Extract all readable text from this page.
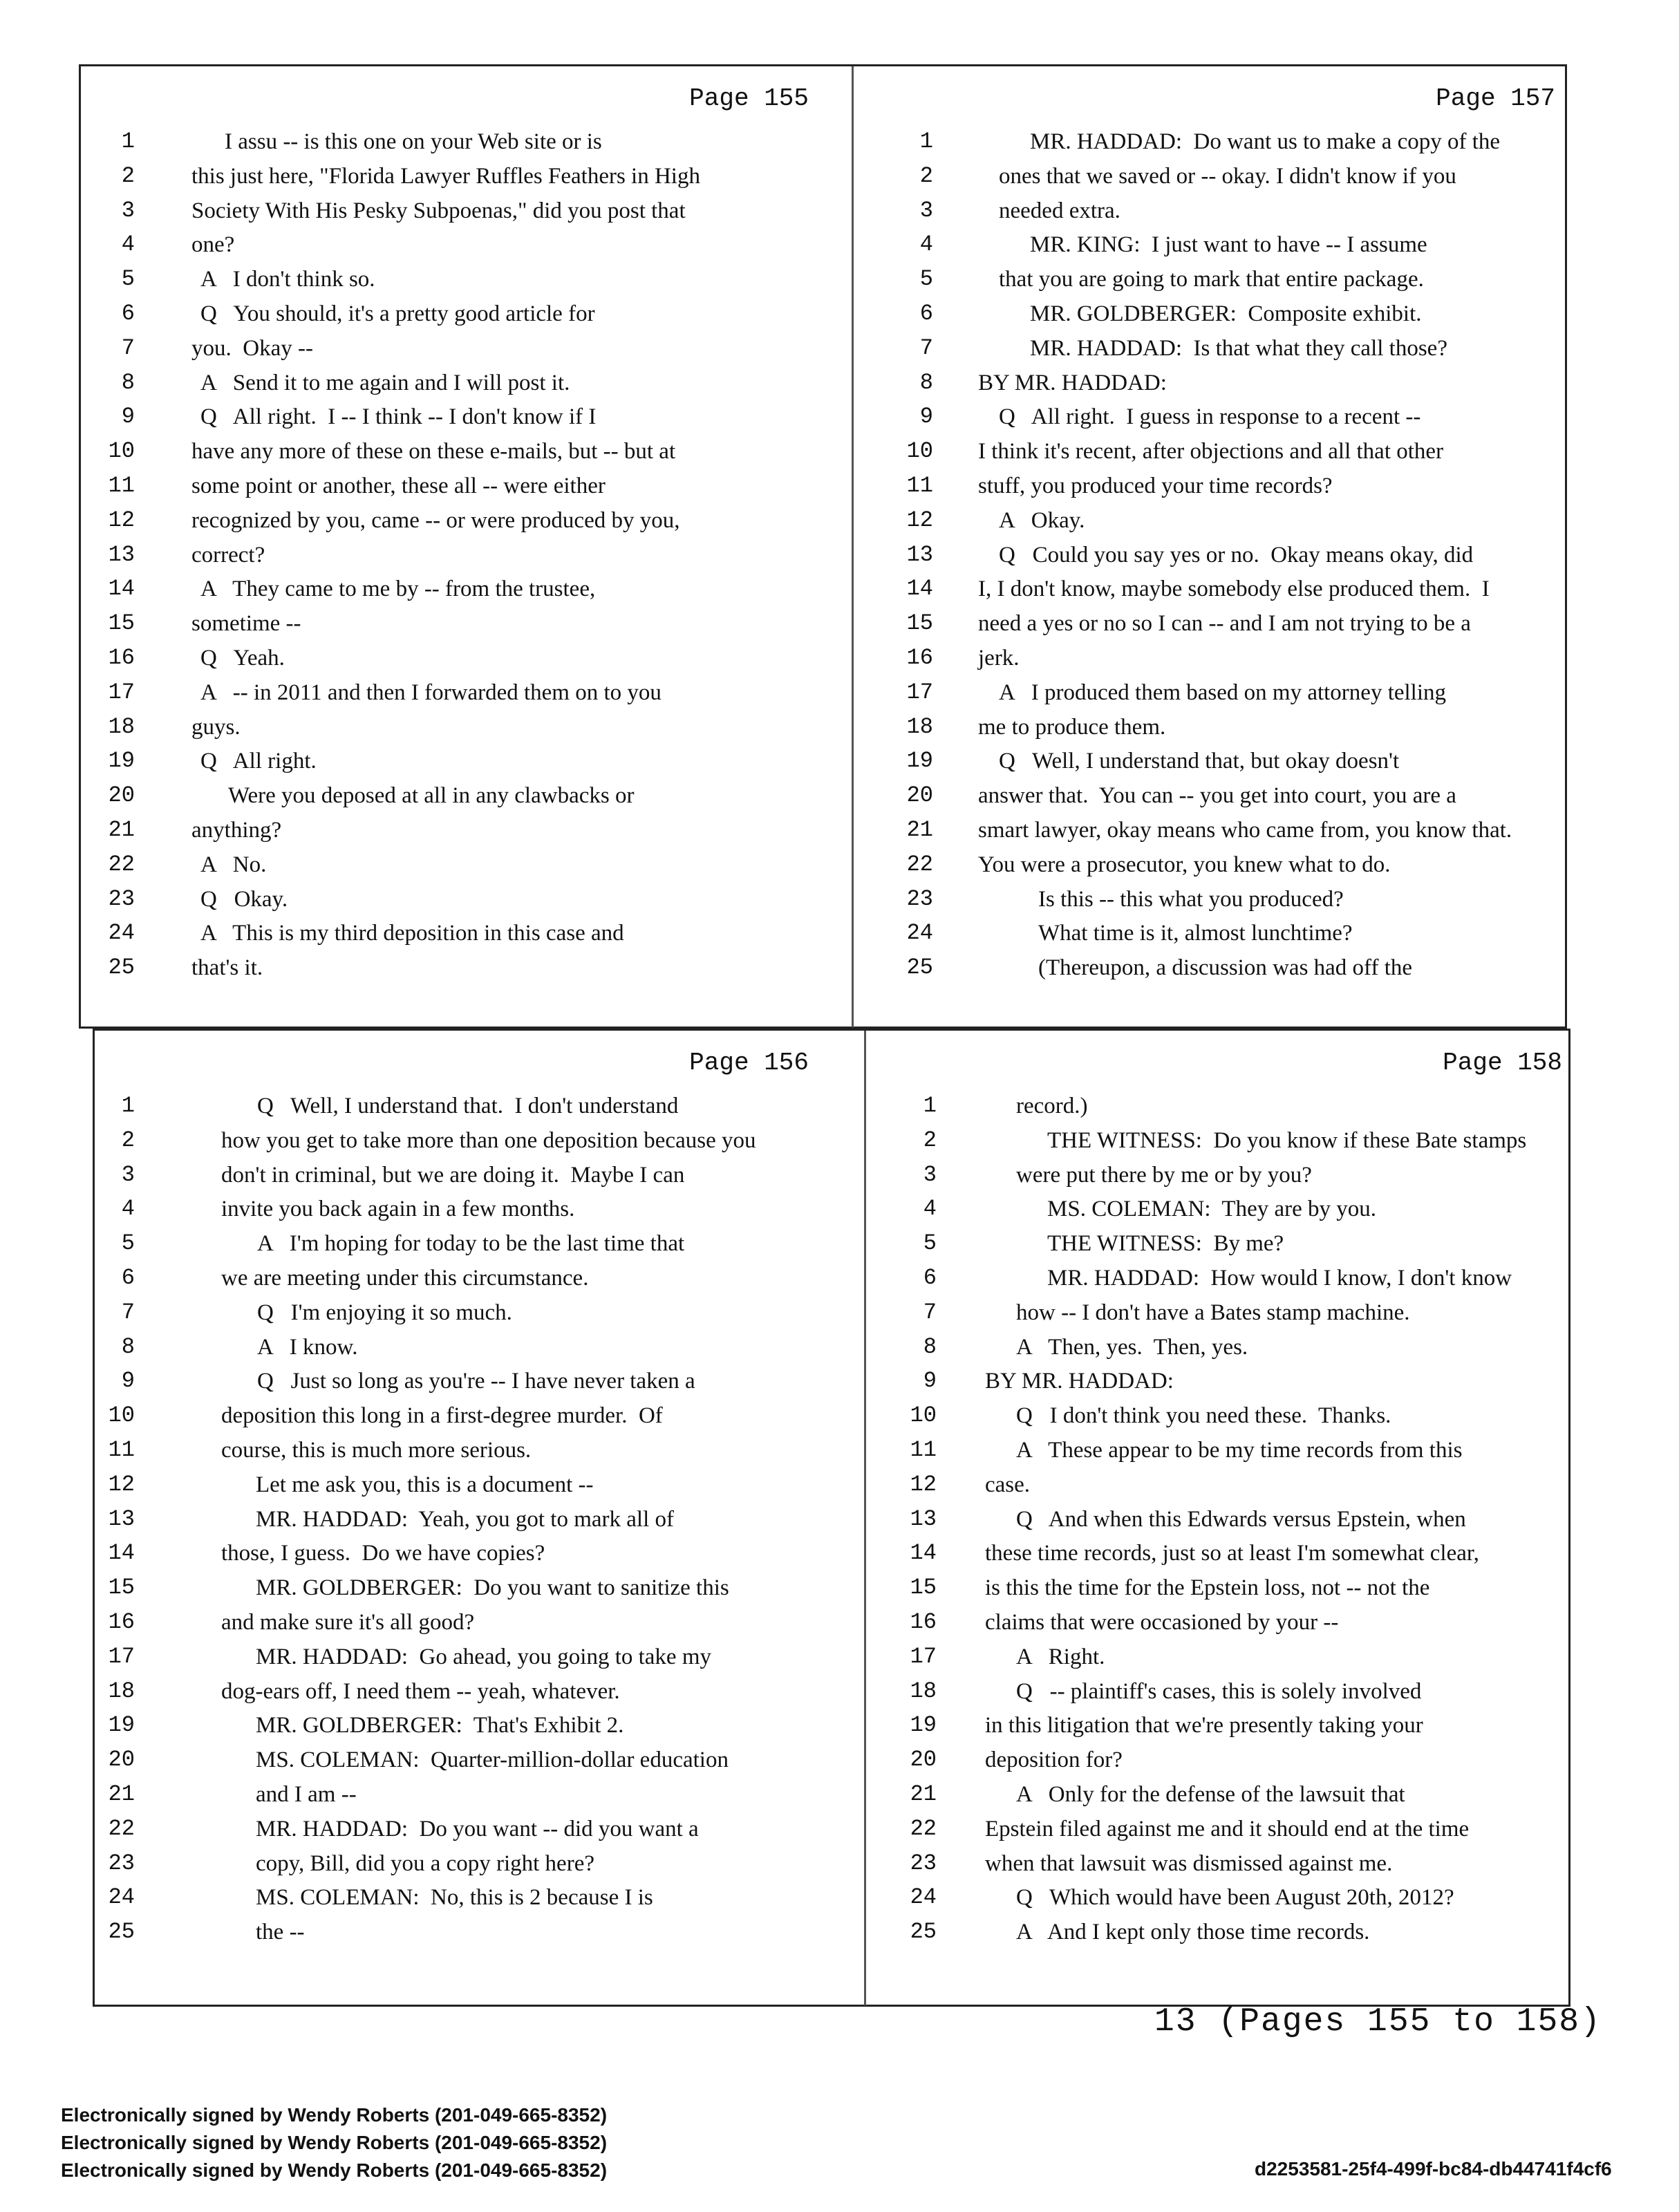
Page 155
1	I assu -- is this one on your Web site or is
2 this just here, "Florida Lawyer Ruffles Feathers in High
3 Society With His Pesky Subpoenas," did you post that
4 one?
5	A   I don't think so.
6	Q   You should, it's a pretty good article for
7 you.  Okay --
8	A   Send it to me again and I will post it.
9	Q   All right.  I -- I think -- I don't know if I
10 have any more of these on these e-mails, but -- but at
11 some point or another, these all -- were either
12 recognized by you, came -- or were produced by you,
13 correct?
14	A   They came to me by -- from the trustee,
15 sometime --
16	Q   Yeah.
17	A   -- in 2011 and then I forwarded them on to you
18 guys.
19	Q   All right.
20	Were you deposed at all in any clawbacks or
21 anything?
22	A   No.
23	Q   Okay.
24	A   This is my third deposition in this case and
25 that's it.
Page 157
1	MR. HADDAD:  Do want us to make a copy of the
2	ones that we saved or -- okay. I didn't know if you
3	needed extra.
4	MR. KING:  I just want to have -- I assume
5	that you are going to mark that entire package.
6	MR. GOLDBERGER:  Composite exhibit.
7	MR. HADDAD:  Is that what they call those?
8 BY MR. HADDAD:
9	Q   All right.  I guess in response to a recent --
10 I think it's recent, after objections and all that other
11 stuff, you produced your time records?
12	A   Okay.
13	Q   Could you say yes or no.  Okay means okay, did
14 I, I don't know, maybe somebody else produced them.  I
15 need a yes or no so I can -- and I am not trying to be a
16 jerk.
17	A   I produced them based on my attorney telling
18 me to produce them.
19	Q   Well, I understand that, but okay doesn't
20 answer that.  You can -- you get into court, you are a
21 smart lawyer, okay means who came from, you know that.
22 You were a prosecutor, you knew what to do.
23	Is this -- this what you produced?
24	What time is it, almost lunchtime?
25	(Thereupon, a discussion was had off the
Page 156
1	Q   Well, I understand that.  I don't understand
2	how you get to take more than one deposition because you
3	don't in criminal, but we are doing it.  Maybe I can
4	invite you back again in a few months.
5	A   I'm hoping for today to be the last time that
6	we are meeting under this circumstance.
7	Q   I'm enjoying it so much.
8	A   I know.
9	Q   Just so long as you're -- I have never taken a
10	deposition this long in a first-degree murder.  Of
11	course, this is much more serious.
12	Let me ask you, this is a document --
13	MR. HADDAD:  Yeah, you got to mark all of
14	those, I guess.  Do we have copies?
15	MR. GOLDBERGER:  Do you want to sanitize this
16	and make sure it's all good?
17	MR. HADDAD:  Go ahead, you going to take my
18	dog-ears off, I need them -- yeah, whatever.
19	MR. GOLDBERGER:  That's Exhibit 2.
20	MS. COLEMAN:  Quarter-million-dollar education
21	and I am --
22	MR. HADDAD:  Do you want -- did you want a
23	copy, Bill, did you a copy right here?
24	MS. COLEMAN:  No, this is 2 because I is
25	the --
Page 158
1	record.)
2	THE WITNESS:  Do you know if these Bate stamps
3	were put there by me or by you?
4	MS. COLEMAN:  They are by you.
5	THE WITNESS:  By me?
6	MR. HADDAD:  How would I know, I don't know
7	how -- I don't have a Bates stamp machine.
8	A   Then, yes.  Then, yes.
9 BY MR. HADDAD:
10	Q   I don't think you need these.  Thanks.
11	A   These appear to be my time records from this
12 case.
13	Q   And when this Edwards versus Epstein, when
14 these time records, just so at least I'm somewhat clear,
15 is this the time for the Epstein loss, not -- not the
16 claims that were occasioned by your --
17	A   Right.
18	Q   -- plaintiff's cases, this is solely involved
19 in this litigation that we're presently taking your
20 deposition for?
21	A   Only for the defense of the lawsuit that
22 Epstein filed against me and it should end at the time
23 when that lawsuit was dismissed against me.
24	Q   Which would have been August 20th, 2012?
25	A   And I kept only those time records.
13 (Pages 155 to 158)
Electronically signed by Wendy Roberts (201-049-665-8352)
Electronically signed by Wendy Roberts (201-049-665-8352)
Electronically signed by Wendy Roberts (201-049-665-8352)	d2253581-25f4-499f-bc84-db44741f4cf6
